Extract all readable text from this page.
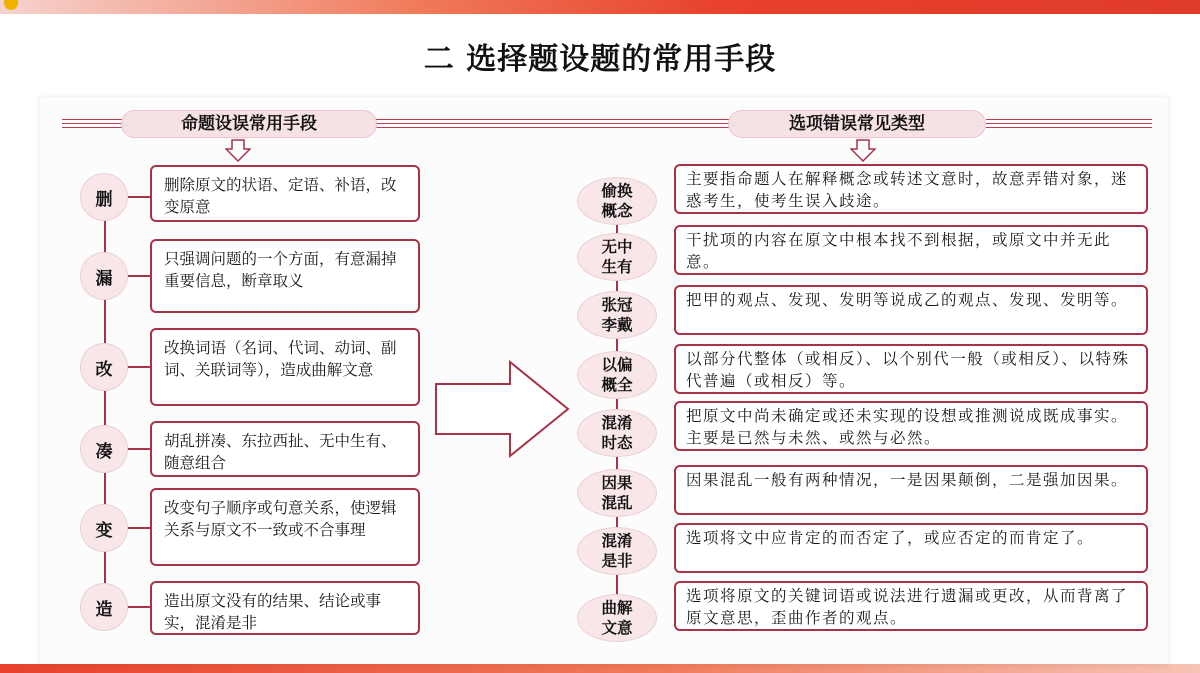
二 选择题设题的常用手段
命题设误常用手段	选项错误常见类型
删
删除原文的状语、定语、补语，改变原意
漏
只强调问题的一个方面，有意漏掉重要信息，断章取义
改
改换词语（名词、代词、动词、副词、关联词等），造成曲解文意
凑
胡乱拼凑、东拉西扯、无中生有、随意组合
变
改变句子顺序或句意关系，使逻辑关系与原文不一致或不合事理
造	造出原文没有的结果、结论或事实，混淆是非
偷换
概念
主要指命题人在解释概念或转述文意时，故意弄错对象，迷惑考生，使考生误入歧途。
无中
生有
干扰项的内容在原文中根本找不到根据，或原文中并无此意。
张冠
李戴
把甲的观点、发现、发明等说成乙的观点、发现、发明等。
以偏
概全
以部分代整体（或相反）、以个别代一般（或相反）、以特殊代普遍（或相反）等。
混淆
时态
把原文中尚未确定或还未实现的设想或推测说成既成事实。主要是已然与未然、或然与必然。
因果
混乱
因果混乱一般有两种情况，一是因果颠倒，二是强加因果。
混淆
是非
选项将文中应肯定的而否定了，或应否定的而肯定了。
曲解
文意
选项将原文的关键词语或说法进行遗漏或更改，从而背离了原文意思，歪曲作者的观点。
